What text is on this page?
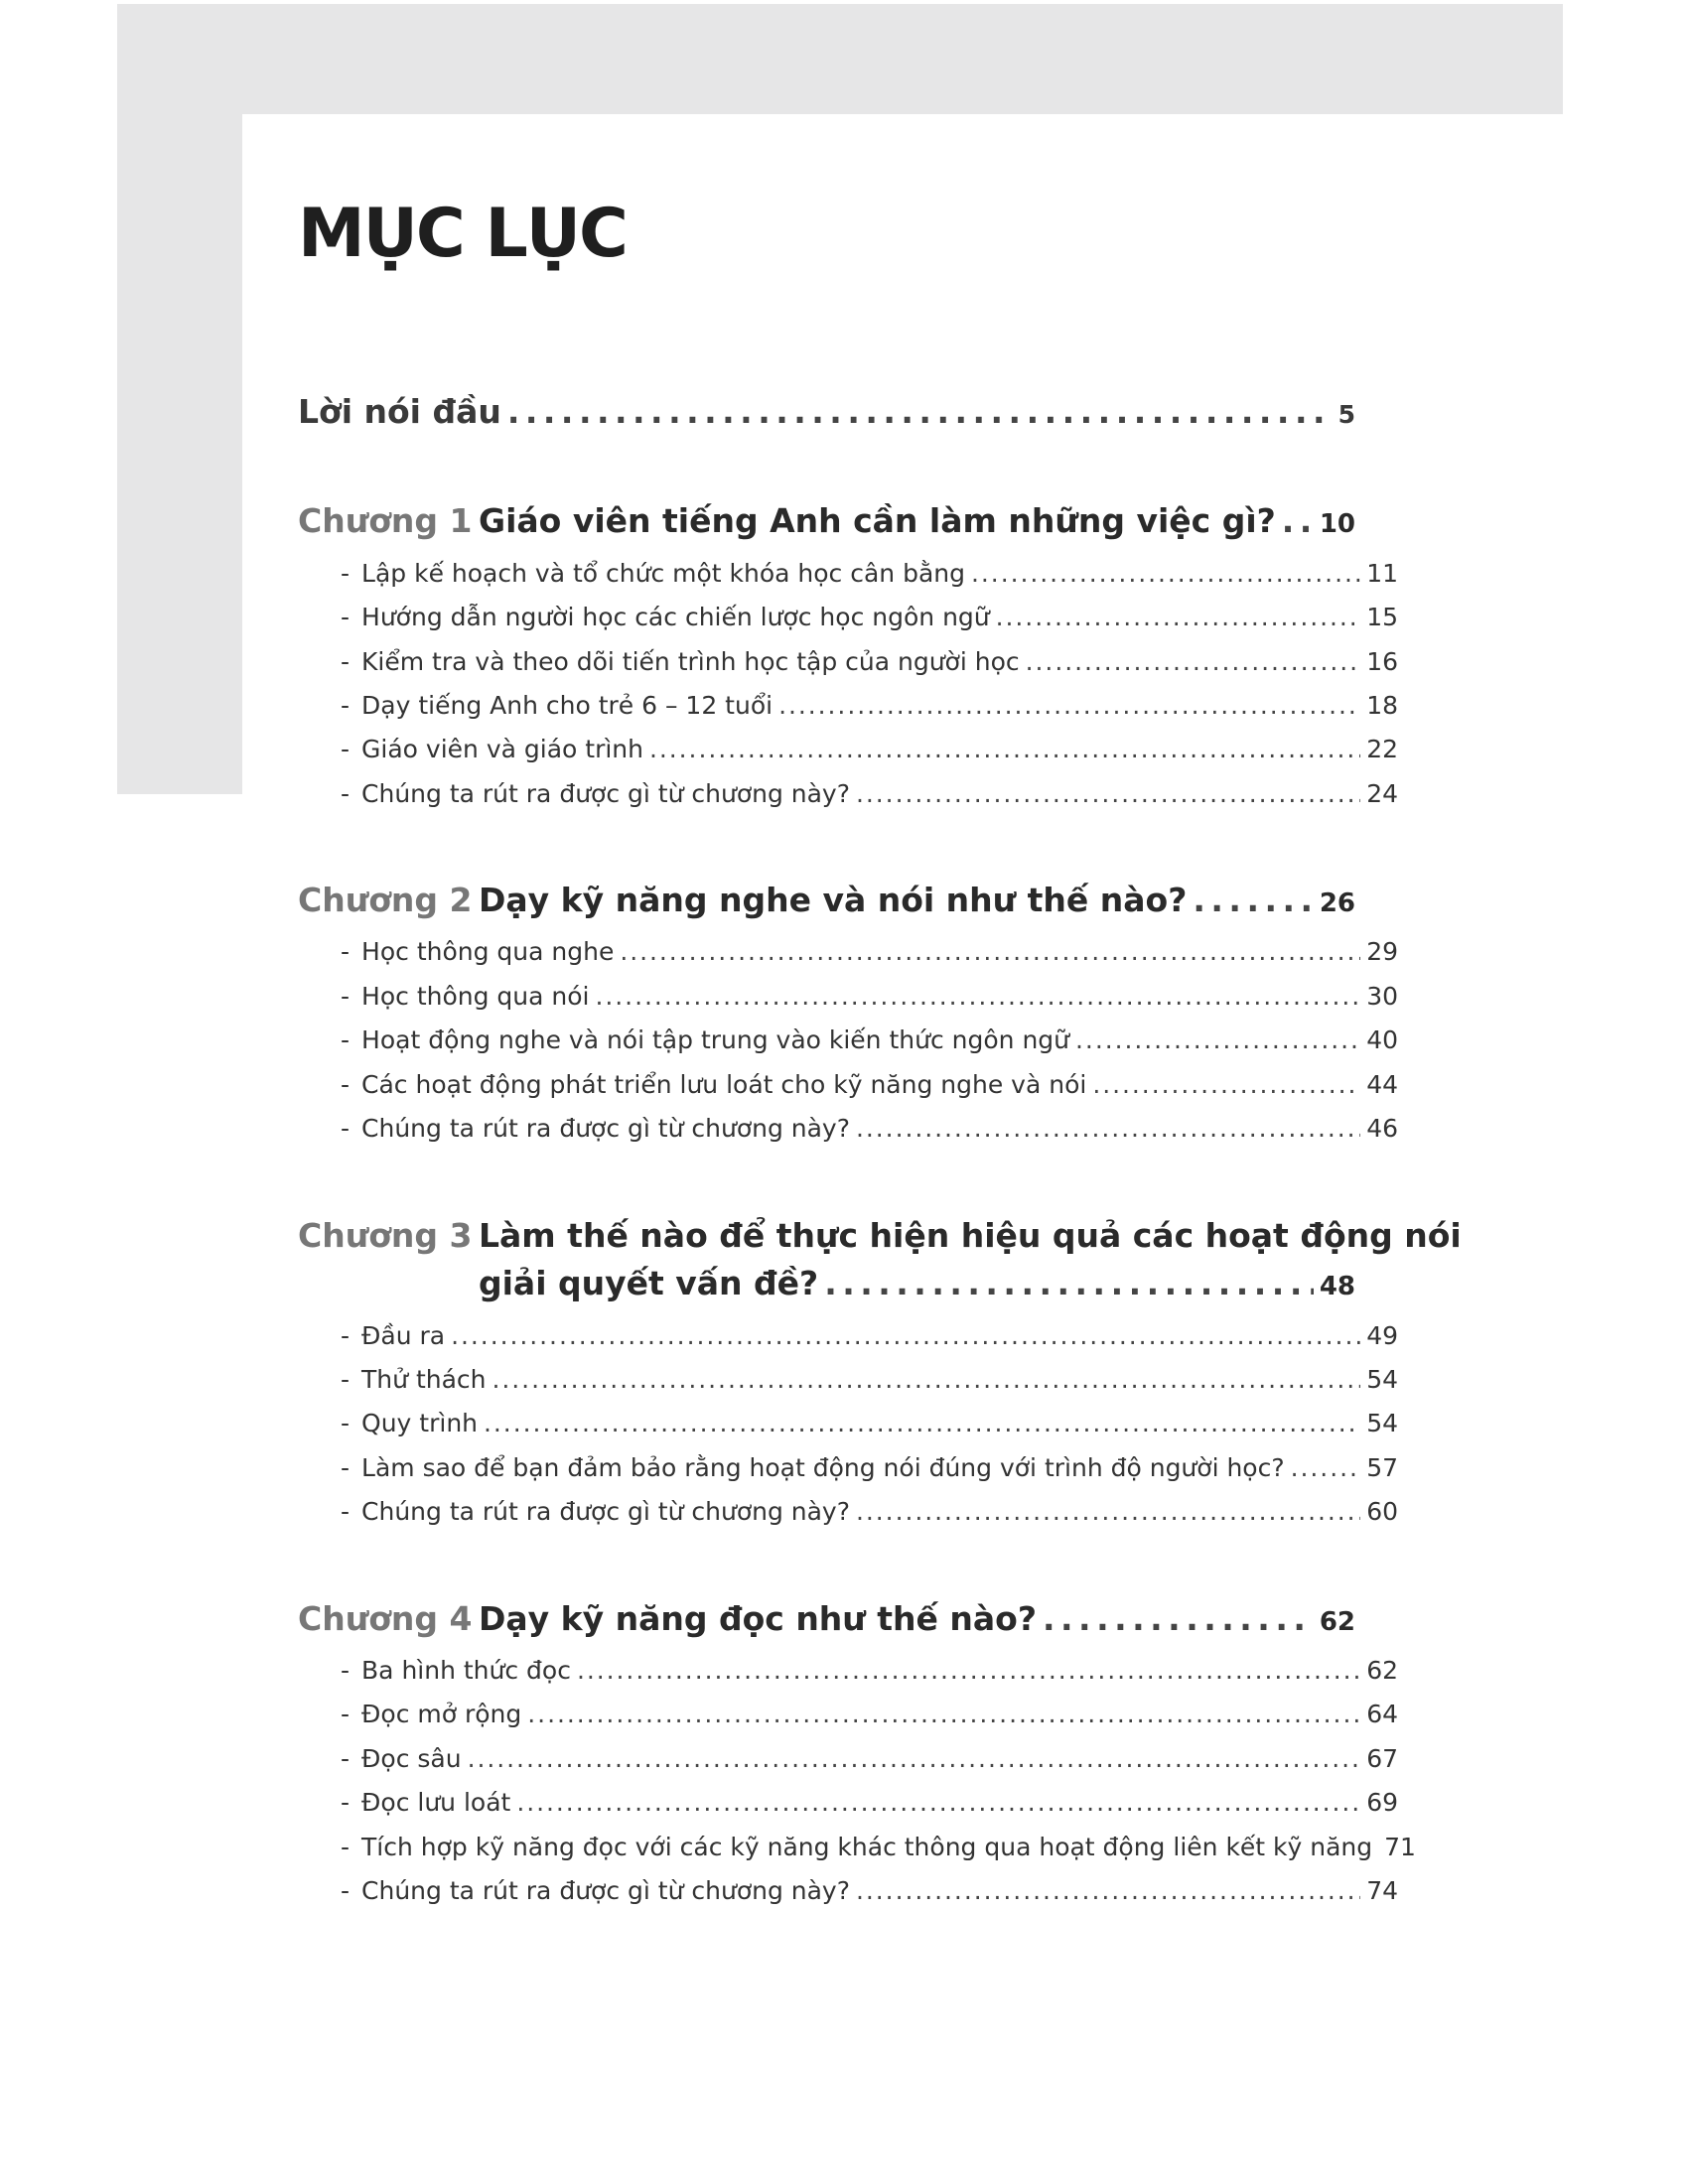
MỤC LỤC
Lời nói đầu . . .	5
Chương 1 Giáo viên tiếng Anh cần làm những việc gì? . . . 10
- Lập kế hoạch và tổ chức một khóa học cân bằng . . .	11
- Hướng dẫn người học các chiến lược học ngôn ngữ . . .	15
- Kiểm tra và theo dõi tiến trình học tập của người học . . .	16
- Dạy tiếng Anh cho trẻ 6 – 12 tuổi . . .	18
- Giáo viên và giáo trình . . .	22
- Chúng ta rút ra được gì từ chương này? . . .	24
Chương 2 Dạy kỹ năng nghe và nói như thế nào? . . .	26
- Học thông qua nghe . . .	29
- Học thông qua nói . . .	30
- Hoạt động nghe và nói tập trung vào kiến thức ngôn ngữ . . .	40
- Các hoạt động phát triển lưu loát cho kỹ năng nghe và nói . . .	44
- Chúng ta rút ra được gì từ chương này? . . .	46
Chương 3 Làm thế nào để thực hiện hiệu quả các hoạt động nói
giải quyết vấn đề? . . .	48
- Đầu ra . . .	49
- Thử thách . . .	54
- Quy trình . . .	54
- Làm sao để bạn đảm bảo rằng hoạt động nói đúng với trình độ người học? . . .	57
- Chúng ta rút ra được gì từ chương này? . . .	60
Chương 4 Dạy kỹ năng đọc như thế nào? . . .	62
- Ba hình thức đọc . . .	62
- Đọc mở rộng . . .	64
- Đọc sâu . . .	67
- Đọc lưu loát . . .	69
- Tích hợp kỹ năng đọc với các kỹ năng khác thông qua hoạt động liên kết kỹ năng 71
- Chúng ta rút ra được gì từ chương này? . . .	74
